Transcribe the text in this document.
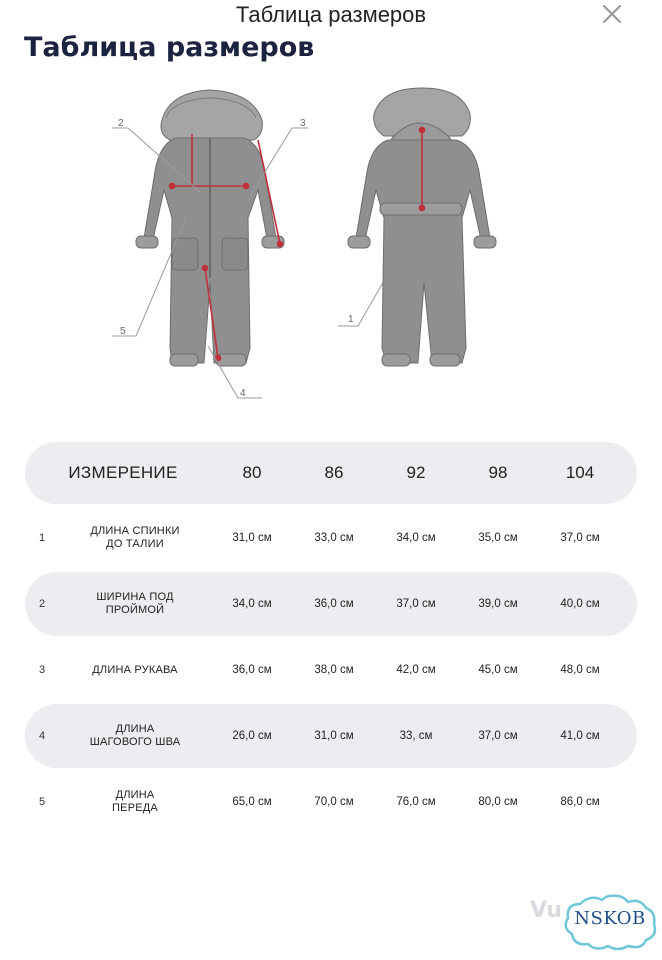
Таблица размеров
Таблица размеров
2	3
5
4
1
ИЗМЕРЕНИЕ	80	86	92	98	104
1
ДЛИНА СПИНКИ
ДО ТАЛИИ	31,0 см	33,0 см	34,0 см	35,0 см	37,0 см
2
ШИРИНА ПОД
ПРОЙМОЙ	34,0 см	36,0 см	37,0 см	39,0 см	40,0 см
3	ДЛИНА РУКАВА	36,0 см	38,0 см	42,0 см	45,0 см	48,0 см
4
ДЛИНА
ШАГОВОГО ШВА	26,0 см	31,0 см	33, см	37,0 см	41,0 см
5
ДЛИНА
ПЕРЕДА	65,0 см	70,0 см	76,0 см	80,0 см	86,0 см
Vu NSKOB
